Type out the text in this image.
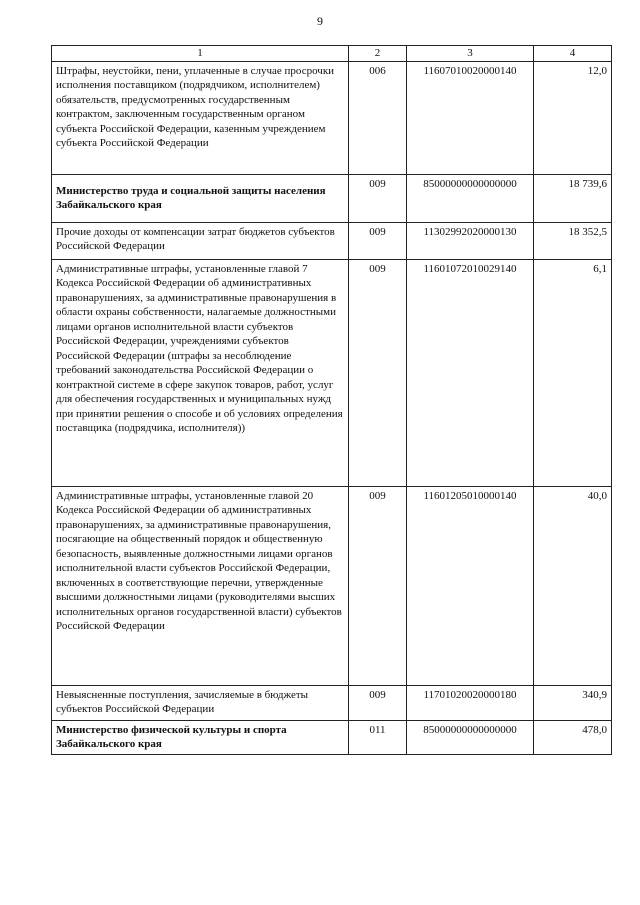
9
1	2	3	4
Штрафы, неустойки, пени, уплаченные в случае просрочки исполнения поставщиком (подрядчиком, исполнителем) обязательств, предусмотренных государственным контрактом, заключенным государственным органом субъекта Российской Федерации, казенным учреждением субъекта Российской Федерации	006	11607010020000140	12,0
Министерство труда и социальной защиты населения Забайкальского края	009	85000000000000000	18 739,6
Прочие доходы от компенсации затрат бюджетов субъектов Российской Федерации	009	11302992020000130	18 352,5
Административные штрафы, установленные главой 7 Кодекса Российской Федерации об административных правонарушениях, за административные правонарушения в области охраны собственности, налагаемые должностными лицами органов исполнительной власти субъектов Российской Федерации, учреждениями субъектов Российской Федерации (штрафы за несоблюдение требований законодательства Российской Федерации о контрактной системе в сфере закупок товаров, работ, услуг для обеспечения государственных и муниципальных нужд при принятии решения о способе и об условиях определения поставщика (подрядчика, исполнителя))	009	11601072010029140	6,1
Административные штрафы, установленные главой 20 Кодекса Российской Федерации об административных правонарушениях, за административные правонарушения, посягающие на общественный порядок и общественную безопасность, выявленные должностными лицами органов исполнительной власти субъектов Российской Федерации, включенных в соответствующие перечни, утвержденные высшими должностными лицами (руководителями высших исполнительных органов государственной власти) субъектов Российской Федерации	009	11601205010000140	40,0
Невыясненные поступления, зачисляемые в бюджеты субъектов Российской Федерации	009	11701020020000180	340,9
Министерство физической культуры и спорта Забайкальского края	011	85000000000000000	478,0
